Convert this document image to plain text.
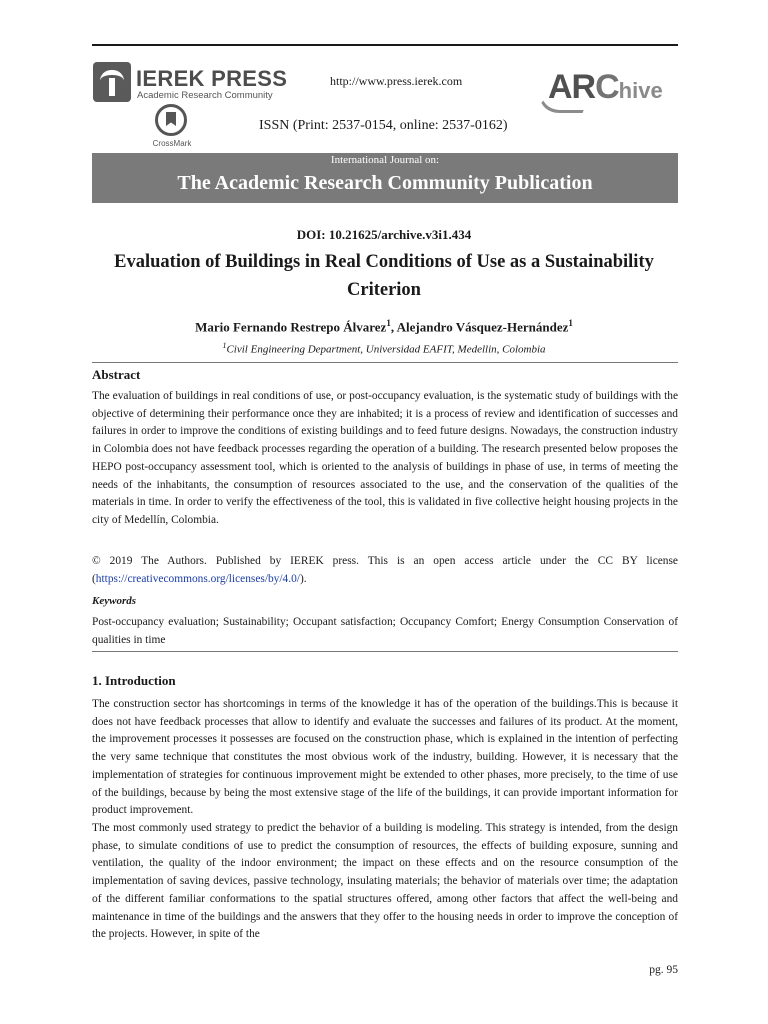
IEREK PRESS
Academic Research Community
CrossMark
http://www.press.ierek.com
ISSN (Print: 2537-0154, online: 2537-0162)
ARChive
International Journal on:
The Academic Research Community Publication
DOI: 10.21625/archive.v3i1.434
Evaluation of Buildings in Real Conditions of Use as a Sustainability Criterion
Mario Fernando Restrepo Álvarez$^1$, Alejandro Vásquez-Hernández$^1$
$^1$Civil Engineering Department, Universidad EAFIT, Medellin, Colombia
Abstract
The evaluation of buildings in real conditions of use, or post-occupancy evaluation, is the systematic study of buildings with the objective of determining their performance once they are inhabited; it is a process of review and identification of successes and failures in order to improve the conditions of existing buildings and to feed future designs. Nowadays, the construction industry in Colombia does not have feedback processes regarding the operation of a building. The research presented below proposes the HEPO post-occupancy assessment tool, which is oriented to the analysis of buildings in phase of use, in terms of meeting the needs of the inhabitants, the consumption of resources associated to the use, and the conservation of the qualities of the materials in time. In order to verify the effectiveness of the tool, this is validated in five collective height housing projects in the city of Medellín, Colombia.
© 2019 The Authors. Published by IEREK press. This is an open access article under the CC BY license (https://creativecommons.org/licenses/by/4.0/).
Keywords
Post-occupancy evaluation; Sustainability; Occupant satisfaction; Occupancy Comfort; Energy Consumption Conservation of qualities in time
1. Introduction
The construction sector has shortcomings in terms of the knowledge it has of the operation of the buildings.This is because it does not have feedback processes that allow to identify and evaluate the successes and failures of its product. At the moment, the improvement processes it possesses are focused on the construction phase, which is explained in the intention of perfecting the very same technique that constitutes the most obvious work of the industry, building. However, it is necessary that the implementation of strategies for continuous improvement might be extended to other phases, more precisely, to the time of use of the buildings, because by being the most extensive stage of the life of the buildings, it can provide important information for product improvement.
The most commonly used strategy to predict the behavior of a building is modeling. This strategy is intended, from the design phase, to simulate conditions of use to predict the consumption of resources, the effects of building exposure, sunning and ventilation, the quality of the indoor environment; the impact on these effects and on the resource consumption of the implementation of saving devices, passive technology, insulating materials; the behavior of materials over time; the adaptation of the different familiar conformations to the spatial structures offered, among other factors that affect the well-being and maintenance in time of the buildings and the answers that they offer to the housing needs in order to improve the conception of the projects. However, in spite of the
pg. 95
